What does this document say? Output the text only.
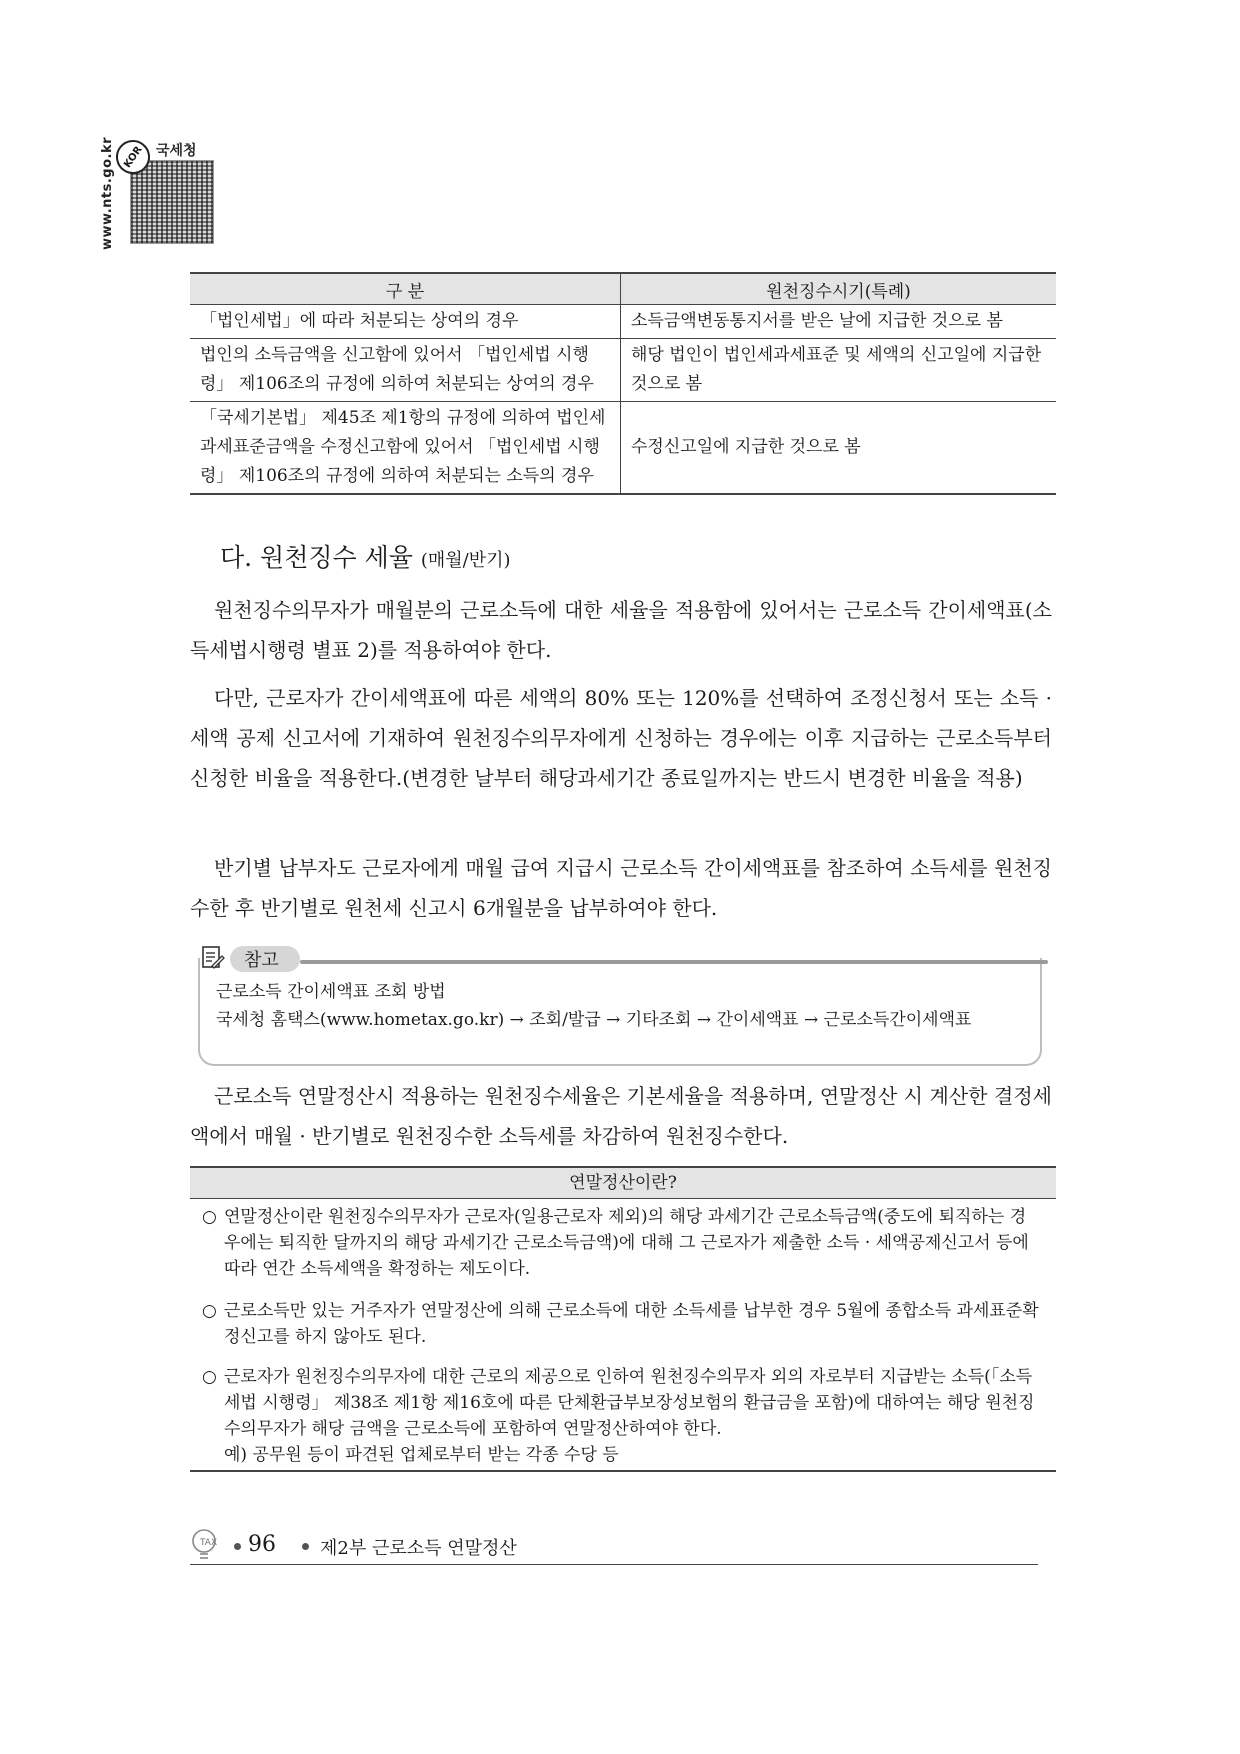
KOR 국세청
www.nts.go.kr
구 분	원천징수시기(특례)
「법인세법」에 따라 처분되는 상여의 경우	소득금액변동통지서를 받은 날에 지급한 것으로 봄
법인의 소득금액을 신고함에 있어서 「법인세법 시행령」 제106조의 규정에 의하여 처분되는 상여의 경우	해당 법인이 법인세과세표준 및 세액의 신고일에 지급한 것으로 봄
「국세기본법」 제45조 제1항의 규정에 의하여 법인세 과세표준금액을 수정신고함에 있어서 「법인세법 시행령」 제106조의 규정에 의하여 처분되는 소득의 경우	수정신고일에 지급한 것으로 봄
다. 원천징수 세율 (매월/반기)

원천징수의무자가 매월분의 근로소득에 대한 세율을 적용함에 있어서는 근로소득 간이세액표(소득세법시행령 별표 2)를 적용하여야 한다.

다만, 근로자가 간이세액표에 따른 세액의 80% 또는 120%를 선택하여 조정신청서 또는 소득 · 세액 공제 신고서에 기재하여 원천징수의무자에게 신청하는 경우에는 이후 지급하는 근로소득부터 신청한 비율을 적용한다.(변경한 날부터 해당과세기간 종료일까지는 반드시 변경한 비율을 적용)

반기별 납부자도 근로자에게 매월 급여 지급시 근로소득 간이세액표를 참조하여 소득세를 원천징수한 후 반기별로 원천세 신고시 6개월분을 납부하여야 한다.

참고
근로소득 간이세액표 조회 방법
국세청 홈택스(www.hometax.go.kr) → 조회/발급 → 기타조회 → 간이세액표 → 근로소득간이세액표

근로소득 연말정산시 적용하는 원천징수세율은 기본세율을 적용하며, 연말정산 시 계산한 결정세액에서 매월 · 반기별로 원천징수한 소득세를 차감하여 원천징수한다.

연말정산이란?
○ 연말정산이란 원천징수의무자가 근로자(일용근로자 제외)의 해당 과세기간 근로소득금액(중도에 퇴직하는 경우에는 퇴직한 달까지의 해당 과세기간 근로소득금액)에 대해 그 근로자가 제출한 소득 · 세액공제신고서 등에 따라 연간 소득세액을 확정하는 제도이다.
○ 근로소득만 있는 거주자가 연말정산에 의해 근로소득에 대한 소득세를 납부한 경우 5월에 종합소득 과세표준확정신고를 하지 않아도 된다.
○ 근로자가 원천징수의무자에 대한 근로의 제공으로 인하여 원천징수의무자 외의 자로부터 지급받는 소득(「소득세법 시행령」 제38조 제1항 제16호에 따른 단체환급부보장성보험의 환급금을 포함)에 대하여는 해당 원천징수의무자가 해당 금액을 근로소득에 포함하여 연말정산하여야 한다.
예) 공무원 등이 파견된 업체로부터 받는 각종 수당 등
TAX 96 제2부 근로소득 연말정산
